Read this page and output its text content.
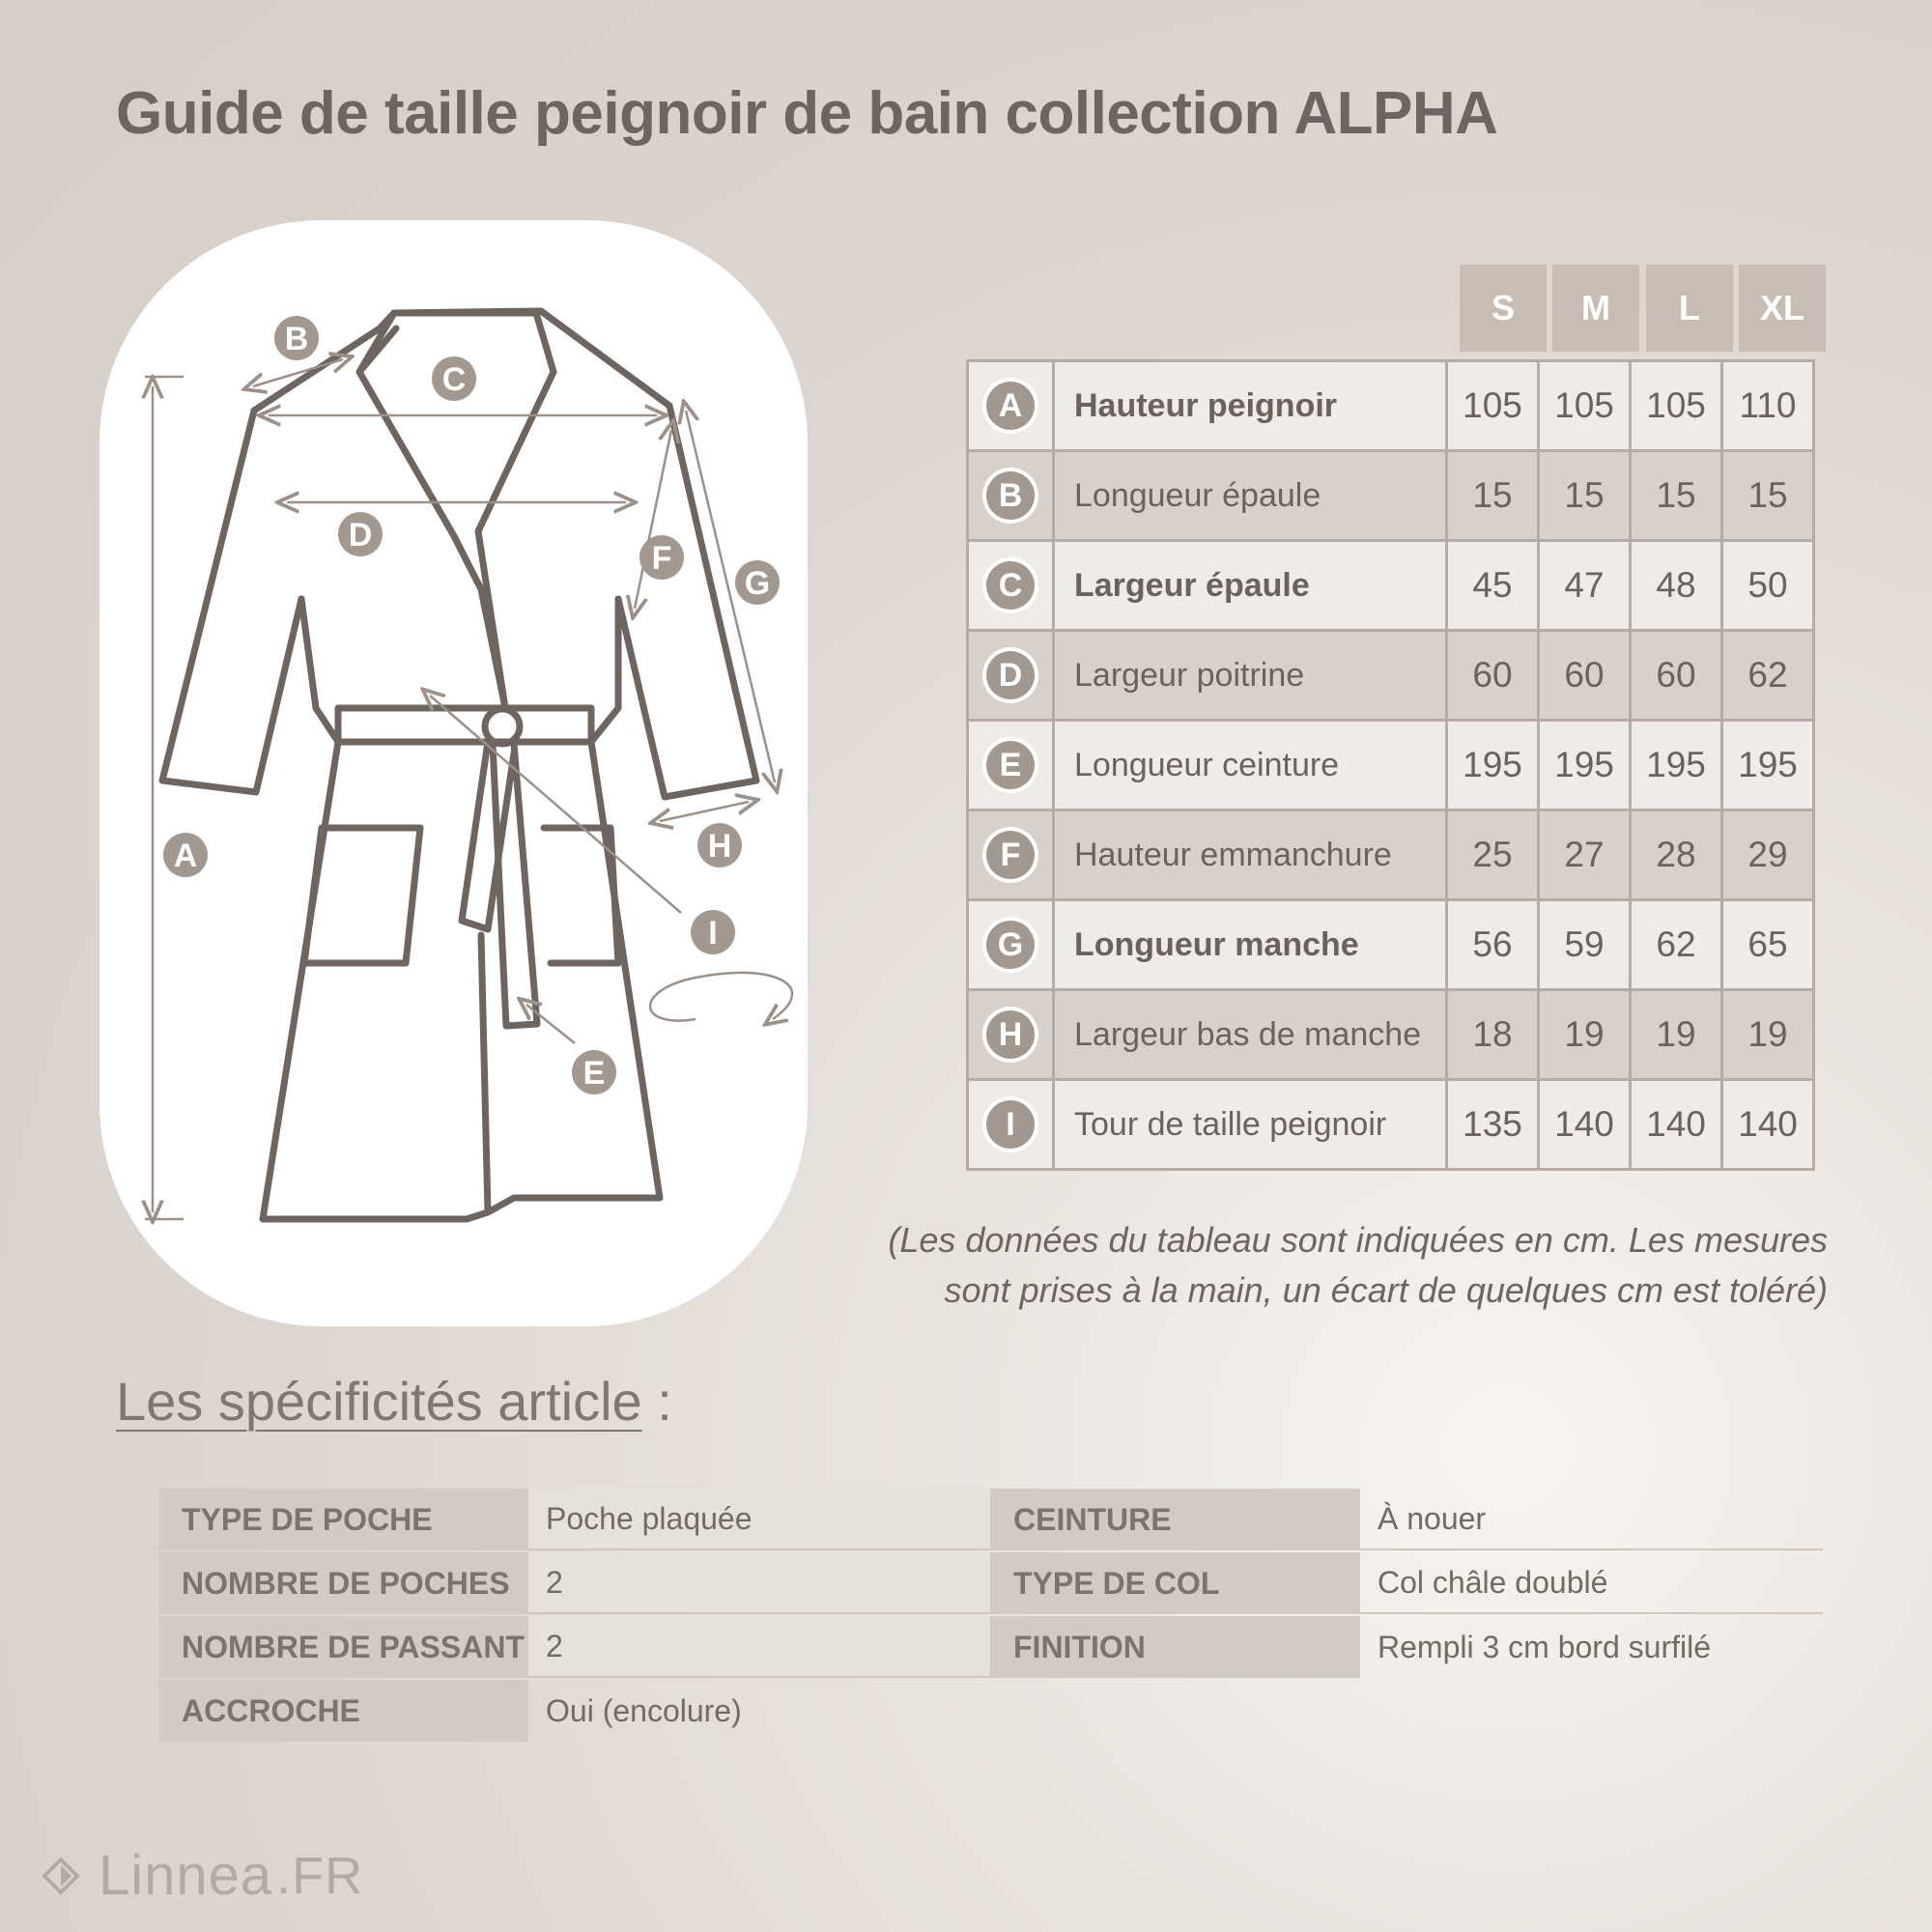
Guide de taille peignoir de bain collection ALPHA
B
C
D
F
G
A	H
I
E
S	M	L	XL
A	Hauteur peignoir	105	105	105	110
B	Longueur épaule	15	15	15	15
C	Largeur épaule	45	47	48	50
D	Largeur poitrine	60	60	60	62
E	Longueur ceinture	195	195	195	195
F	Hauteur emmanchure	25	27	28	29
G	Longueur manche	56	59	62	65
H	Largeur bas de manche	18	19	19	19
I	Tour de taille peignoir	135	140	140	140
(Les données du tableau sont indiquées en cm. Les mesures
sont prises à la main, un écart de quelques cm est toléré)
Les spécificités article :
TYPE DE POCHE	Poche plaquée
NOMBRE DE POCHES	2
NOMBRE DE PASSANT 2
ACCROCHE	Oui (encolure)
CEINTURE	À nouer
TYPE DE COL	Col châle doublé
FINITION	Rempli 3 cm bord surfilé
Linnea .FR
